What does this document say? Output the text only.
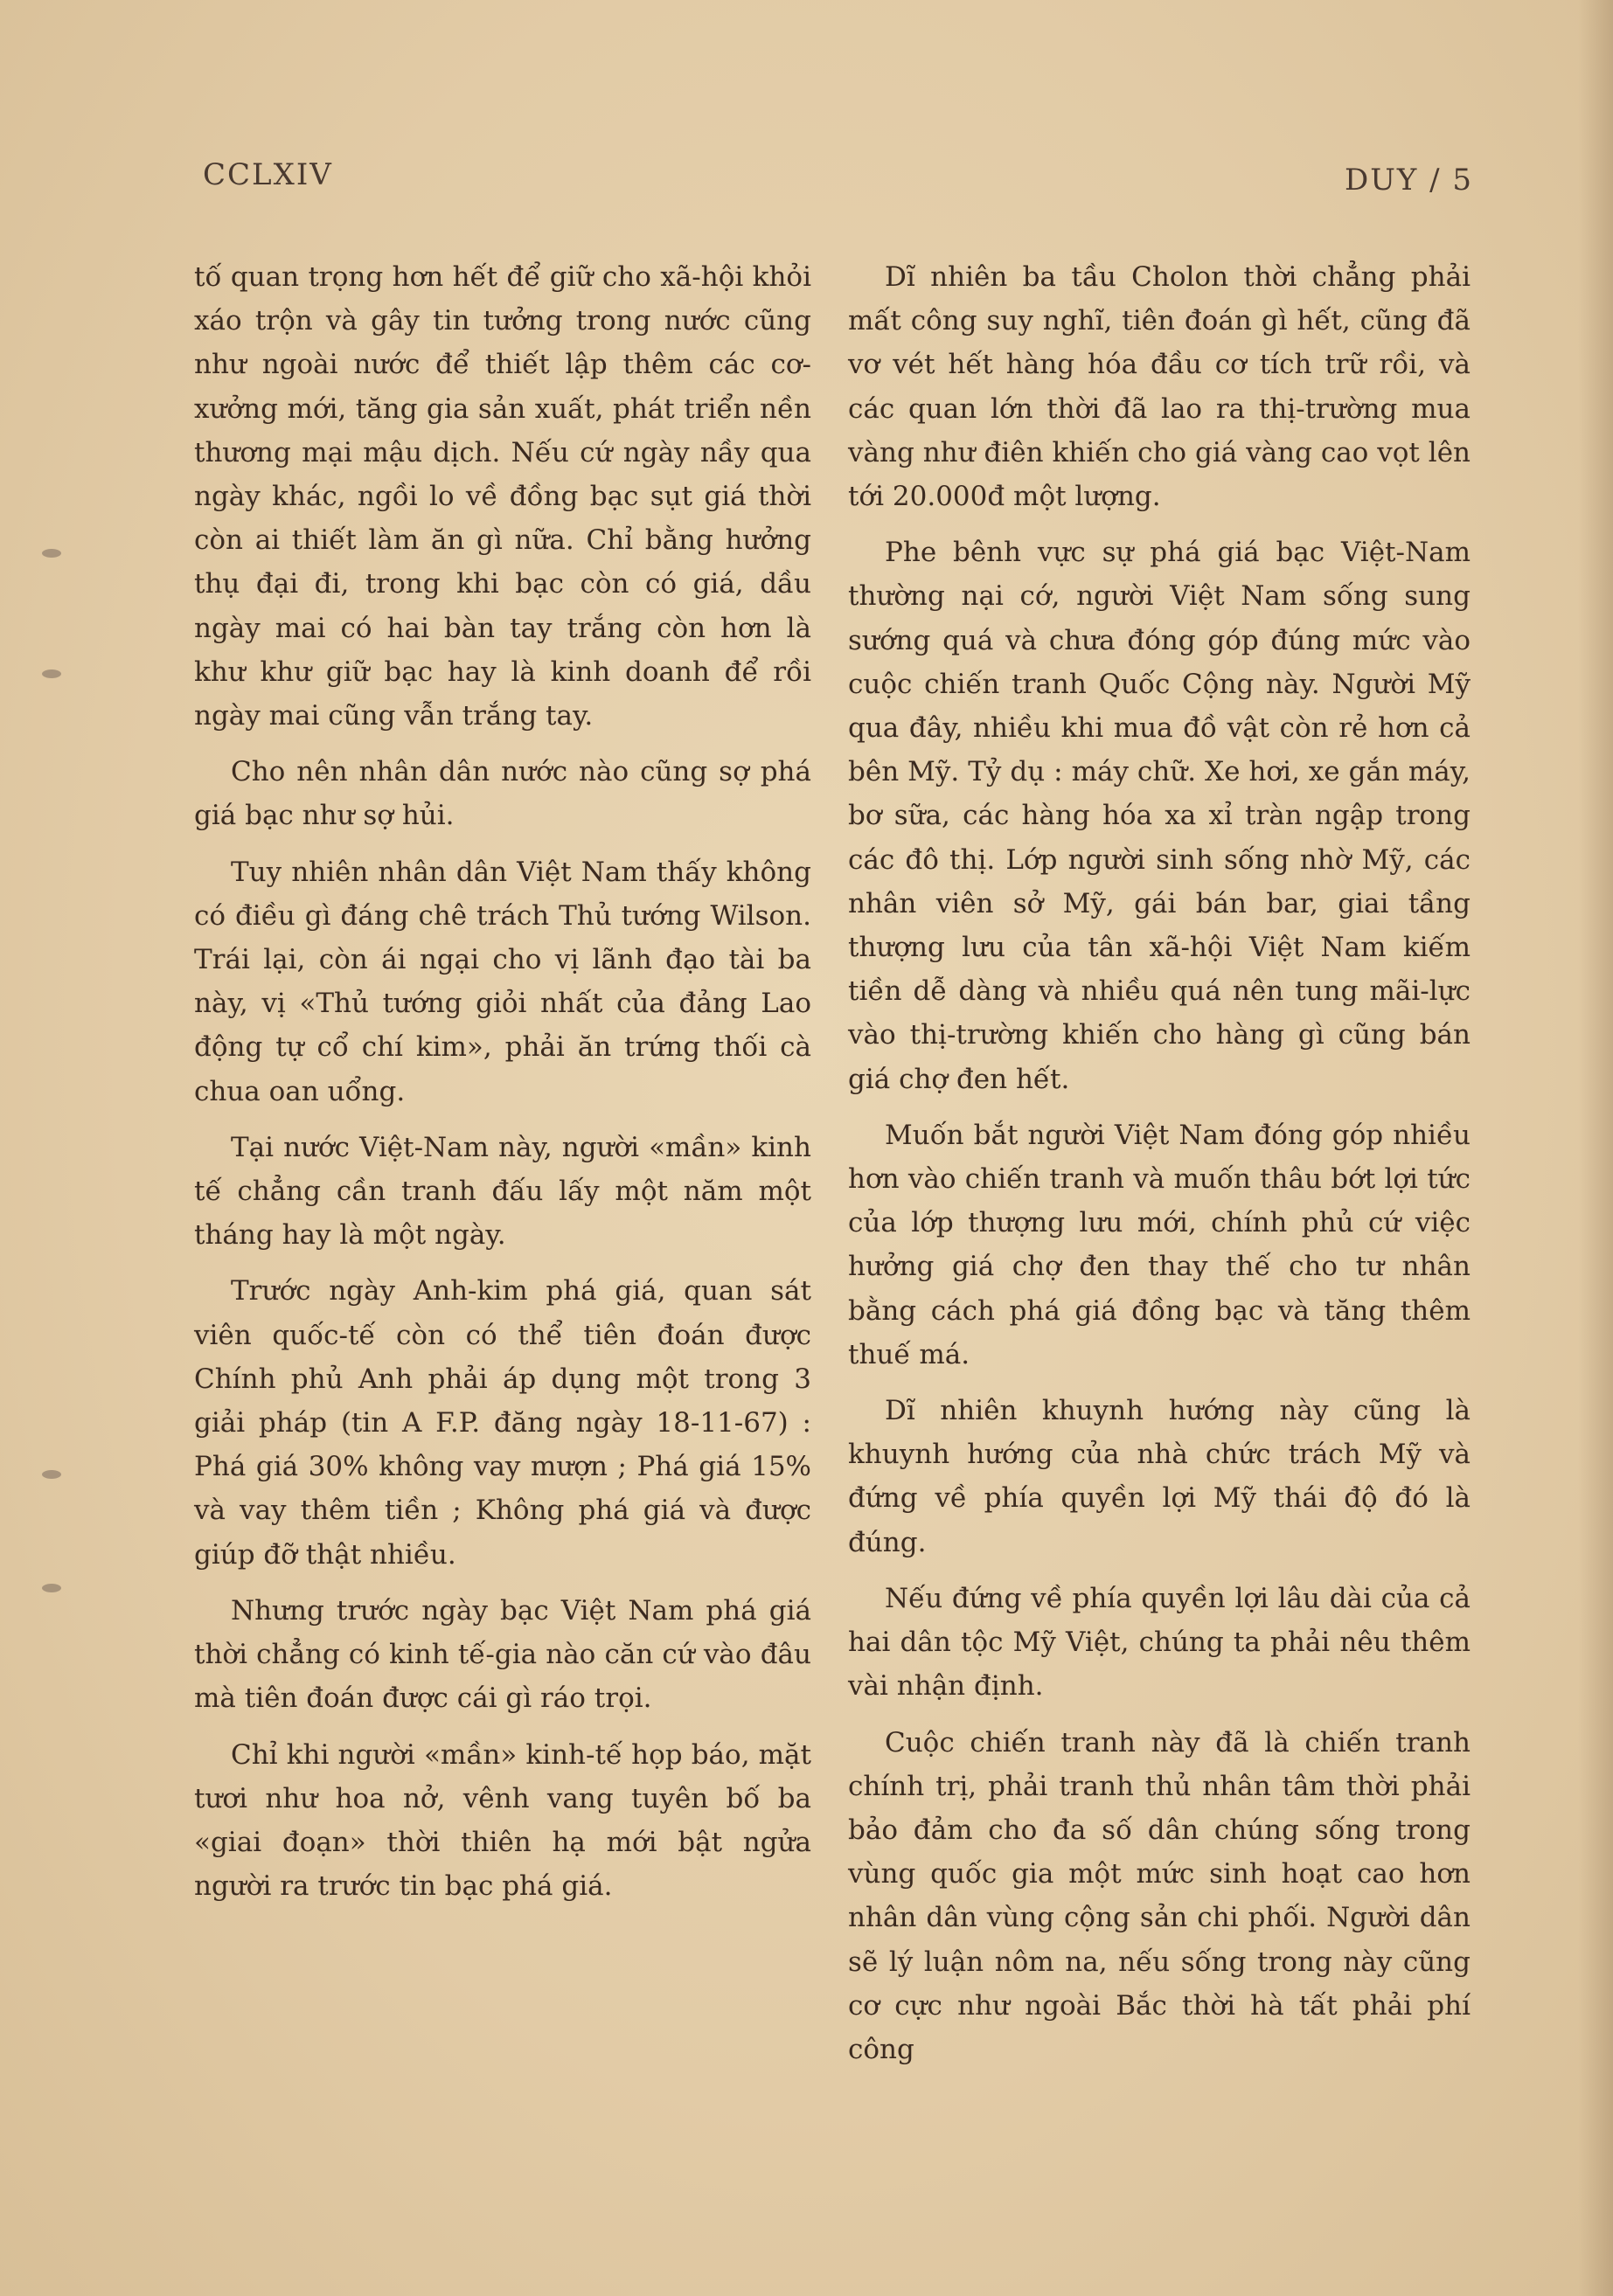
CCLXIV	DUY / 5

tố quan trọng hơn hết để giữ cho xã-hội khỏi xáo trộn và gây tin tưởng trong nước cũng như ngoài nước để thiết lập thêm các cơ-xưởng mới, tăng gia sản xuất, phát triển nền thương mại mậu dịch. Nếu cứ ngày nầy qua ngày khác, ngồi lo về đồng bạc sụt giá thời còn ai thiết làm ăn gì nữa. Chỉ bằng hưởng thụ đại đi, trong khi bạc còn có giá, dầu ngày mai có hai bàn tay trắng còn hơn là khư khư giữ bạc hay là kinh doanh để rồi ngày mai cũng vẫn trắng tay.

Cho nên nhân dân nước nào cũng sợ phá giá bạc như sợ hủi.

Tuy nhiên nhân dân Việt Nam thấy không có điều gì đáng chê trách Thủ tướng Wilson. Trái lại, còn ái ngại cho vị lãnh đạo tài ba này, vị «Thủ tướng giỏi nhất của đảng Lao động tự cổ chí kim», phải ăn trứng thối cà chua oan uổng.

Tại nước Việt-Nam này, người «mần» kinh tế chẳng cần tranh đấu lấy một năm một tháng hay là một ngày.

Trước ngày Anh-kim phá giá, quan sát viên quốc-tế còn có thể tiên đoán được Chính phủ Anh phải áp dụng một trong 3 giải pháp (tin A F.P. đăng ngày 18-11-67) : Phá giá 30% không vay mượn ; Phá giá 15% và vay thêm tiền ; Không phá giá và được giúp đỡ thật nhiều.

Nhưng trước ngày bạc Việt Nam phá giá thời chẳng có kinh tế-gia nào căn cứ vào đâu mà tiên đoán được cái gì ráo trọi.

Chỉ khi người «mần» kinh-tế họp báo, mặt tươi như hoa nở, vênh vang tuyên bố ba «giai đoạn» thời thiên hạ mới bật ngửa người ra trước tin bạc phá giá.

Dĩ nhiên ba tầu Cholon thời chẳng phải mất công suy nghĩ, tiên đoán gì hết, cũng đã vơ vét hết hàng hóa đầu cơ tích trữ rồi, và các quan lớn thời đã lao ra thị-trường mua vàng như điên khiến cho giá vàng cao vọt lên tới 20.000đ một lượng.

Phe bênh vực sự phá giá bạc Việt-Nam thường nại cớ, người Việt Nam sống sung sướng quá và chưa đóng góp đúng mức vào cuộc chiến tranh Quốc Cộng này. Người Mỹ qua đây, nhiều khi mua đồ vật còn rẻ hơn cả bên Mỹ. Tỷ dụ : máy chữ. Xe hơi, xe gắn máy, bơ sữa, các hàng hóa xa xỉ tràn ngập trong các đô thị. Lớp người sinh sống nhờ Mỹ, các nhân viên sở Mỹ, gái bán bar, giai tầng thượng lưu của tân xã-hội Việt Nam kiếm tiền dễ dàng và nhiều quá nên tung mãi-lực vào thị-trường khiến cho hàng gì cũng bán giá chợ đen hết.

Muốn bắt người Việt Nam đóng góp nhiều hơn vào chiến tranh và muốn thâu bớt lợi tức của lớp thượng lưu mới, chính phủ cứ việc hưởng giá chợ đen thay thế cho tư nhân bằng cách phá giá đồng bạc và tăng thêm thuế má.

Dĩ nhiên khuynh hướng này cũng là khuynh hướng của nhà chức trách Mỹ và đứng về phía quyền lợi Mỹ thái độ đó là đúng.

Nếu đứng về phía quyền lợi lâu dài của cả hai dân tộc Mỹ Việt, chúng ta phải nêu thêm vài nhận định.

Cuộc chiến tranh này đã là chiến tranh chính trị, phải tranh thủ nhân tâm thời phải bảo đảm cho đa số dân chúng sống trong vùng quốc gia một mức sinh hoạt cao hơn nhân dân vùng cộng sản chi phối. Người dân sẽ lý luận nôm na, nếu sống trong này cũng cơ cực như ngoài Bắc thời hà tất phải phí công
